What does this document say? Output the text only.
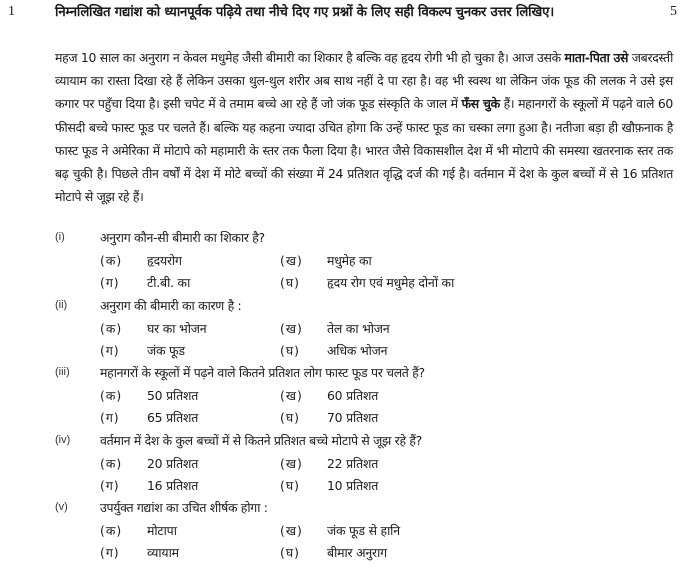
1	निम्नलिखित गद्यांश को ध्यानपूर्वक पढ़िये तथा नीचे दिए गए प्रश्नों के लिए सही विकल्प चुनकर उत्तर लिखिए।	5
महज 10 साल का अनुराग न केवल मधुमेह जैसी बीमारी का शिकार है बल्कि वह हृदय रोगी भी हो चुका है। आज उसके माता-पिता उसे जबरदस्ती व्यायाम का रास्ता दिखा रहे हैं लेकिन उसका थुल-थुल शरीर अब साथ नहीं दे पा रहा है। वह भी स्वस्थ था लेकिन जंक फूड की ललक ने उसे इस कगार पर पहुँचा दिया है। इसी चपेट में वे तमाम बच्चे आ रहे हैं जो जंक फूड संस्कृति के जाल में फँस चुके हैं। महानगरों के स्कूलों में पढ़ने वाले 60 फीसदी बच्चे फास्ट फूड पर चलते हैं। बल्कि यह कहना ज्यादा उचित होगा कि उन्हें फास्ट फूड का चस्का लगा हुआ है। नतीजा बड़ा ही खौफ़नाक है फास्ट फूड ने अमेरिका में मोटापे को महामारी के स्तर तक फैला दिया है। भारत जैसे विकासशील देश में भी मोटापे की समस्या खतरनाक स्तर तक बढ़ चुकी है। पिछले तीन वर्षों में देश में मोटे बच्चों की संख्या में 24 प्रतिशत वृद्धि दर्ज की गई है। वर्तमान में देश के कुल बच्चों में से 16 प्रतिशत मोटापे से जूझ रहे हैं।
(i)	अनुराग कौन-सी बीमारी का शिकार है?
(क) हृदयरोग	(ख) मधुमेह का
(ग) टी.बी. का	(घ) हृदय रोग एवं मधुमेह दोनों का
(ii)	अनुराग की बीमारी का कारण है :
(क) घर का भोजन	(ख) तेल का भोजन
(ग) जंक फूड	(घ) अधिक भोजन
(iii) महानगरों के स्कूलों में पढ़ने वाले कितने प्रतिशत लोग फास्ट फूड पर चलते हैं?
(क) 50 प्रतिशत	(ख) 60 प्रतिशत
(ग) 65 प्रतिशत	(घ) 70 प्रतिशत
(iv) वर्तमान में देश के कुल बच्चों में से कितने प्रतिशत बच्चे मोटापे से जूझ रहे हैं?
(क) 20 प्रतिशत	(ख) 22 प्रतिशत
(ग) 16 प्रतिशत	(घ) 10 प्रतिशत
(v)	उपर्युक्त गद्यांश का उचित शीर्षक होगा :
(क) मोटापा	(ख) जंक फूड से हानि
(ग) व्यायाम	(घ) बीमार अनुराग
